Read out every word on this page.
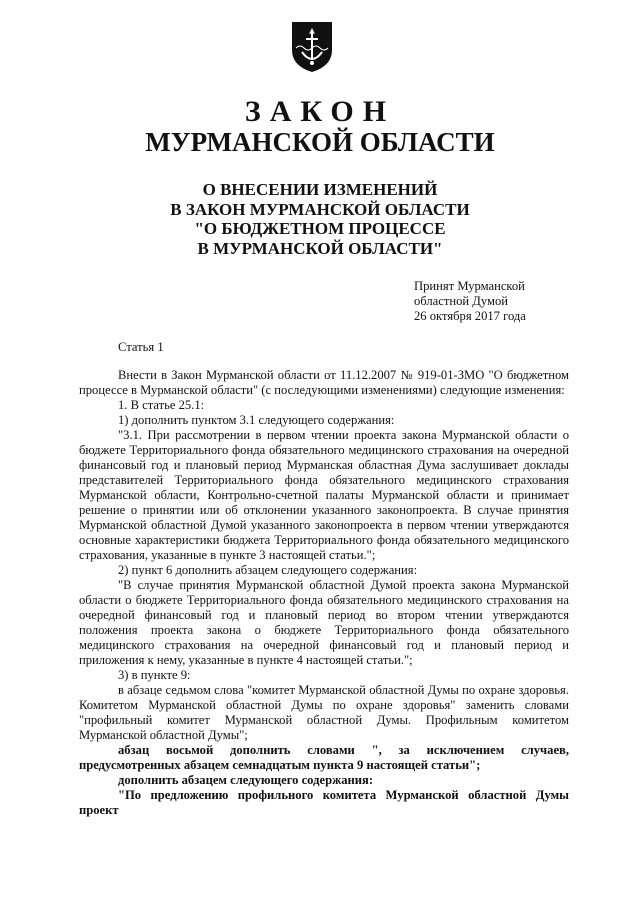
ЗАКОН
МУРМАНСКОЙ ОБЛАСТИ
О ВНЕСЕНИИ ИЗМЕНЕНИЙ
В ЗАКОН МУРМАНСКОЙ ОБЛАСТИ
"О БЮДЖЕТНОМ ПРОЦЕССЕ
В МУРМАНСКОЙ ОБЛАСТИ"
Принят Мурманской
областной Думой
26 октября 2017 года
Статья 1

Внести в Закон Мурманской области от 11.12.2007 № 919-01-ЗМО "О бюджетном процессе в Мурманской области" (с последующими изменениями) следующие изменения:

1. В статье 25.1:

1) дополнить пунктом 3.1 следующего содержания:

"3.1. При рассмотрении в первом чтении проекта закона Мурманской области о бюджете Территориального фонда обязательного медицинского страхования на очередной финансовый год и плановый период Мурманская областная Дума заслушивает доклады представителей Территориального фонда обязательного медицинского страхования Мурманской области, Контрольно-счетной палаты Мурманской области и принимает решение о принятии или об отклонении указанного законопроекта. В случае принятия Мурманской областной Думой указанного законопроекта в первом чтении утверждаются основные характеристики бюджета Территориального фонда обязательного медицинского страхования, указанные в пункте 3 настоящей статьи.";

2) пункт 6 дополнить абзацем следующего содержания:

"В случае принятия Мурманской областной Думой проекта закона Мурманской области о бюджете Территориального фонда обязательного медицинского страхования на очередной финансовый год и плановый период во втором чтении утверждаются положения проекта закона о бюджете Территориального фонда обязательного медицинского страхования на очередной финансовый год и плановый период и приложения к нему, указанные в пункте 4 настоящей статьи.";

3) в пункте 9:

в абзаце седьмом слова "комитет Мурманской областной Думы по охране здоровья. Комитетом Мурманской областной Думы по охране здоровья" заменить словами "профильный комитет Мурманской областной Думы. Профильным комитетом Мурманской областной Думы";

абзац восьмой дополнить словами ", за исключением случаев, предусмотренных абзацем семнадцатым пункта 9 настоящей статьи";

дополнить абзацем следующего содержания:

"По предложению профильного комитета Мурманской областной Думы проект
